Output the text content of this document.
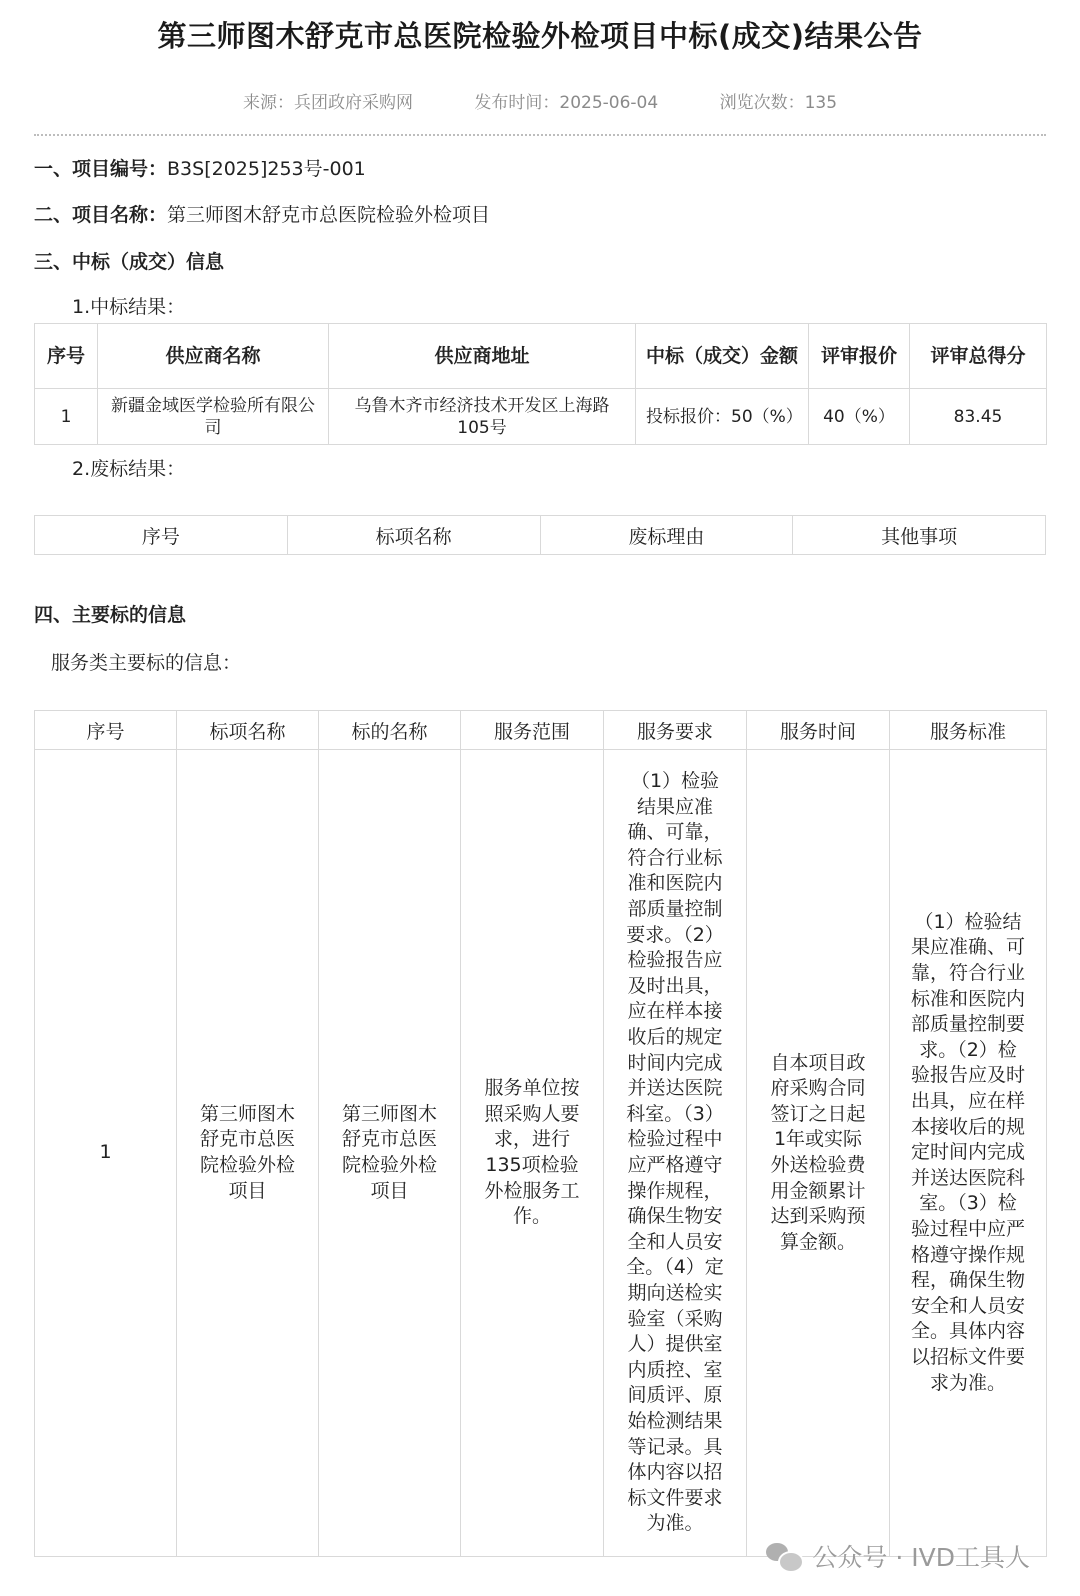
第三师图木舒克市总医院检验外检项目中标(成交)结果公告
来源：兵团政府采购网	发布时间：2025-06-04	浏览次数：135
一、项目编号：B3S[2025]253号-001
二、项目名称：第三师图木舒克市总医院检验外检项目
三、中标（成交）信息
1.中标结果：
序号	供应商名称	供应商地址	中标（成交）金额	评审报价	评审总得分
1	新疆金域医学检验所有限公司	乌鲁木齐市经济技术开发区上海路105号	投标报价：50（%）	40（%）	83.45
2.废标结果：
序号	标项名称	废标理由	其他事项
四、主要标的信息
服务类主要标的信息：
序号	标项名称	标的名称	服务范围	服务要求	服务时间	服务标准
1	第三师图木舒克市总医院检验外检项目	第三师图木舒克市总医院检验外检项目	服务单位按照采购人要求，进行135项检验外检服务工作。	（1）检验结果应准确、可靠，符合行业标准和医院内部质量控制要求。（2）检验报告应及时出具，应在样本接收后的规定时间内完成并送达医院科室。（3）检验过程中应严格遵守操作规程，确保生物安全和人员安全。（4）定期向送检实验室（采购人）提供室内质控、室间质评、原始检测结果等记录。具体内容以招标文件要求为准。	自本项目政府采购合同签订之日起1年或实际外送检验费用金额累计达到采购预算金额。	（1）检验结果应准确、可靠，符合行业标准和医院内部质量控制要求。（2）检验报告应及时出具，应在样本接收后的规定时间内完成并送达医院科室。（3）检验过程中应严格遵守操作规程，确保生物安全和人员安全。具体内容以招标文件要求为准。
公众号 · IVD工具人
